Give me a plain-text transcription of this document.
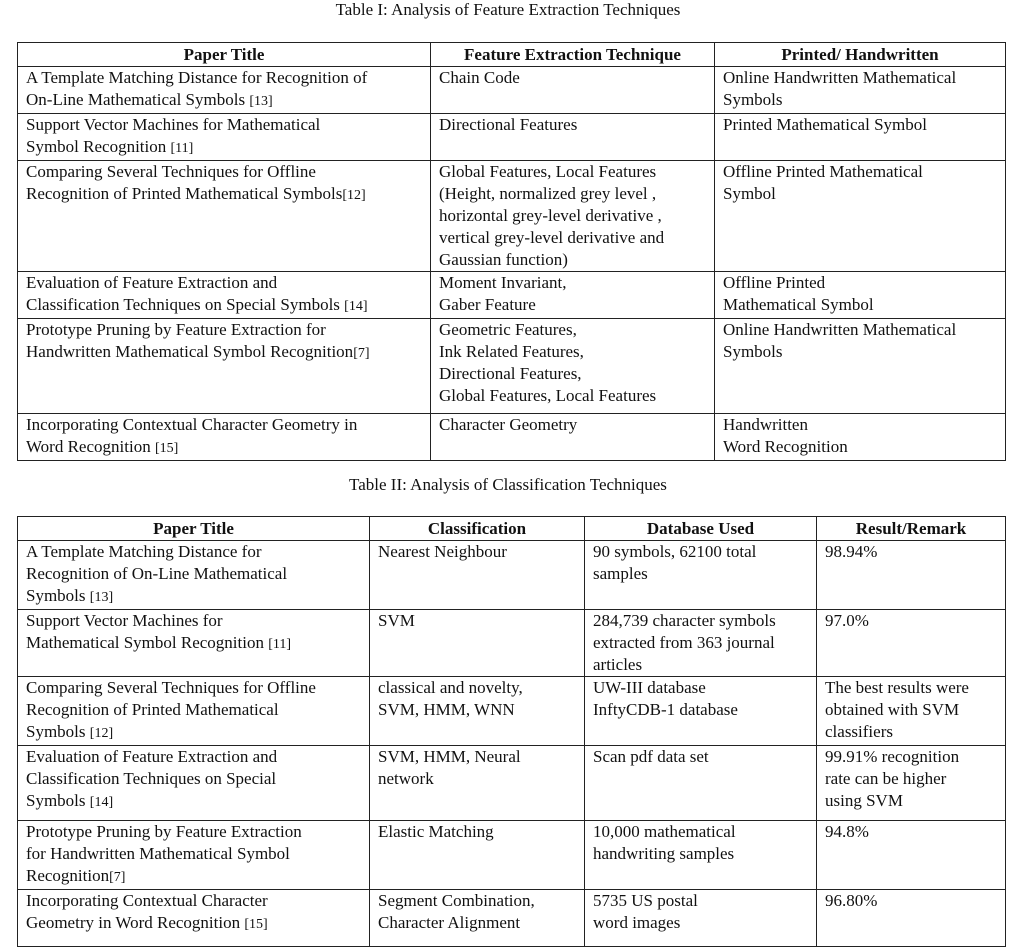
Table I: Analysis of Feature Extraction Techniques
Paper Title	Feature Extraction Technique	Printed/ Handwritten

A Template Matching Distance for Recognition of
On-Line Mathematical Symbols [13]	Chain Code	Online Handwritten Mathematical
Symbols

Support Vector Machines for Mathematical
Symbol Recognition [11]	Directional Features	Printed Mathematical Symbol

Comparing Several Techniques for Offline
Recognition of Printed Mathematical Symbols[12]	Global Features, Local Features
(Height, normalized grey level ,
horizontal grey-level derivative ,
vertical grey-level derivative and
Gaussian function)	Offline Printed Mathematical
Symbol

Evaluation of Feature Extraction and
Classification Techniques on Special Symbols [14]	Moment Invariant,
Gaber Feature	Offline Printed
Mathematical Symbol

Prototype Pruning by Feature Extraction for
Handwritten Mathematical Symbol Recognition[7]	Geometric Features,
Ink Related Features,
Directional Features,
Global Features, Local Features	Online Handwritten Mathematical
Symbols

Incorporating Contextual Character Geometry in
Word Recognition [15]	Character Geometry	Handwritten
Word Recognition
Table II: Analysis of Classification Techniques
Paper Title	Classification	Database Used	Result/Remark

A Template Matching Distance for
Recognition of On-Line Mathematical
Symbols [13]	Nearest Neighbour	90 symbols, 62100 total
samples	98.94%

Support Vector Machines for
Mathematical Symbol Recognition [11]	SVM	284,739 character symbols
extracted from 363 journal
articles	97.0%

Comparing Several Techniques for Offline
Recognition of Printed Mathematical
Symbols [12]	classical and novelty,
SVM, HMM, WNN	UW-III database
InftyCDB-1 database	The best results were
obtained with SVM
classifiers

Evaluation of Feature Extraction and
Classification Techniques on Special
Symbols [14]	SVM, HMM, Neural
network	Scan pdf data set	99.91% recognition
rate can be higher
using SVM

Prototype Pruning by Feature Extraction
for Handwritten Mathematical Symbol
Recognition[7]	Elastic Matching	10,000 mathematical
handwriting samples	94.8%

Incorporating Contextual Character
Geometry in Word Recognition [15]	Segment Combination,
Character Alignment	5735 US postal
word images	96.80%
